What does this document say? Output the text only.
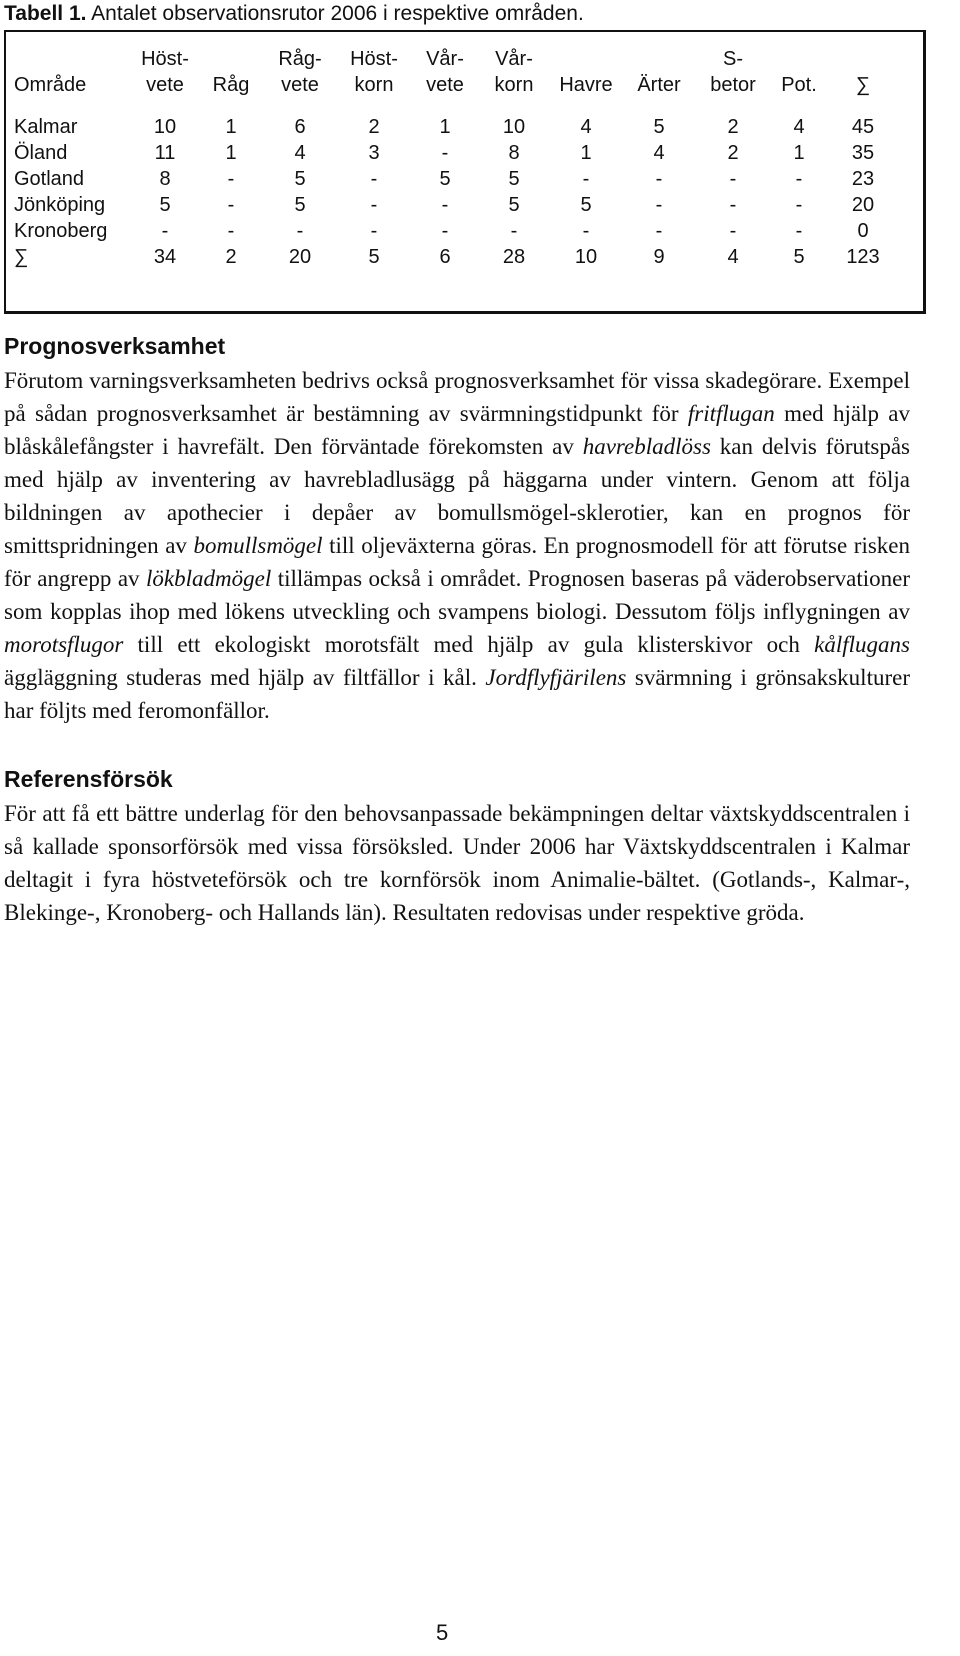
Tabell 1. Antalet observationsrutor 2006 i respektive områden.
	Höst-		Råg-	Höst-	Vår-	Vår-			S-		
Område	vete	Råg	vete	korn	vete	korn	Havre	Ärter	betor	Pot.	∑

Kalmar	10	1	6	2	1	10	4	5	2	4	45
Öland	11	1	4	3	-	8	1	4	2	1	35
Gotland	8	-	5	-	5	5	-	-	-	-	23
Jönköping	5	-	5	-	-	5	5	-	-	-	20
Kronoberg	-	-	-	-	-	-	-	-	-	-	0
∑	34	2	20	5	6	28	10	9	4	5	123
Prognosverksamhet
Förutom varningsverksamheten bedrivs också prognosverksamhet för vissa skadegörare. Exempel på sådan prognosverksamhet är bestämning av svärmningstidpunkt för fritflugan med hjälp av blåskålefångster i havrefält. Den förväntade förekomsten av havrebladlöss kan delvis förutspås med hjälp av inventering av havrebladlusägg på häggarna under vintern. Genom att följa bildningen av apothecier i depåer av bomullsmögel-sklerotier, kan en prognos för smittspridningen av bomullsmögel till oljeväxterna göras. En prognosmodell för att förutse risken för angrepp av lökbladmögel tillämpas också i området. Prognosen baseras på väderobservationer som kopplas ihop med lökens utveckling och svampens biologi. Dessutom följs inflygningen av morotsflugor till ett ekologiskt morotsfält med hjälp av gula klisterskivor och kålflugans äggläggning studeras med hjälp av filtfällor i kål. Jordflyfjärilens svärmning i grönsakskulturer har följts med feromonfällor.
Referensförsök
För att få ett bättre underlag för den behovsanpassade bekämpningen deltar växtskyddscentralen i så kallade sponsorförsök med vissa försöksled. Under 2006 har Växtskyddscentralen i Kalmar deltagit i fyra höstveteförsök och tre kornförsök inom Animalie-bältet. (Gotlands-, Kalmar-, Blekinge-, Kronoberg- och Hallands län). Resultaten redovisas under respektive gröda.
5
